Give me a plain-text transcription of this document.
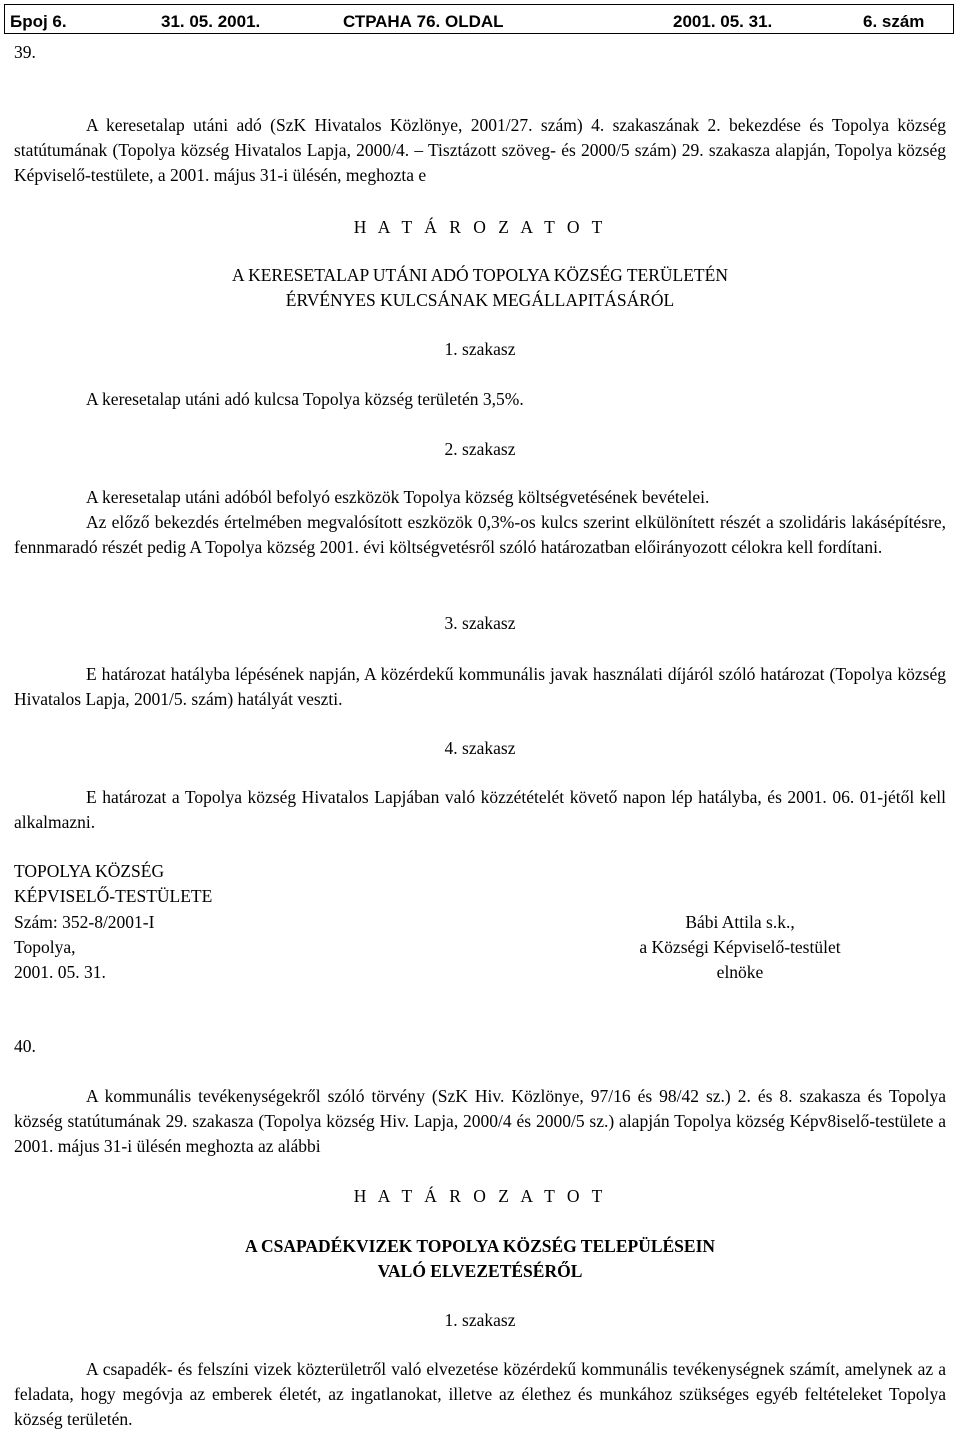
Број 6.	31. 05. 2001.	СТРАНА 76. OLDAL	2001. 05. 31.	6. szám
39.
A keresetalap utáni adó (SzK Hivatalos Közlönye, 2001/27. szám) 4. szakaszának 2. bekezdése és Topolya község statútumának (Topolya község Hivatalos Lapja, 2000/4. – Tisztázott szöveg- és 2000/5 szám) 29. szakasza alapján, Topolya község Képviselő-testülete, a 2001. május 31-i ülésén, meghozta e
H A T Á R O Z A T O T
A KERESETALAP UTÁNI ADÓ TOPOLYA KÖZSÉG TERÜLETÉN
ÉRVÉNYES KULCSÁNAK MEGÁLLAPITÁSÁRÓL
1. szakasz
A keresetalap utáni adó kulcsa Topolya község területén 3,5%.
2. szakasz
A keresetalap utáni adóból befolyó eszközök Topolya község költségvetésének bevételei.
Az előző bekezdés értelmében megvalósított eszközök 0,3%-os kulcs szerint elkülönített részét a szolidáris lakásépítésre, fennmaradó részét pedig A Topolya község 2001. évi költségvetésről szóló határozatban előirányozott célokra kell fordítani.
3. szakasz
E határozat hatályba lépésének napján, A közérdekű kommunális javak használati díjáról szóló határozat (Topolya község Hivatalos Lapja, 2001/5. szám) hatályát veszti.
4. szakasz
E határozat a Topolya község Hivatalos Lapjában való közzétételét követő napon lép hatályba, és 2001. 06. 01-jétől kell alkalmazni.
TOPOLYA KÖZSÉG
KÉPVISELŐ-TESTÜLETE
Szám: 352-8/2001-I
Topolya,
2001. 05. 31.
Bábi Attila s.k.,
a Községi Képviselő-testület
elnöke
40.
A kommunális tevékenységekről szóló törvény (SzK Hiv. Közlönye, 97/16 és 98/42 sz.) 2. és 8. szakasza és Topolya község statútumának 29. szakasza (Topolya község Hiv. Lapja, 2000/4 és 2000/5 sz.) alapján Topolya község Képv8iselő-testülete a 2001. május 31-i ülésén meghozta az alábbi
H A T Á R O Z A T O T
A CSAPADÉKVIZEK TOPOLYA KÖZSÉG TELEPÜLÉSEIN
VALÓ ELVEZETÉSÉRŐL
1. szakasz
A csapadék- és felszíni vizek közterületről való elvezetése közérdekű kommunális tevékenységnek számít, amelynek az a feladata, hogy megóvja az emberek életét, az ingatlanokat, illetve az élethez és munkához szükséges egyéb feltételeket Topolya község területén.
